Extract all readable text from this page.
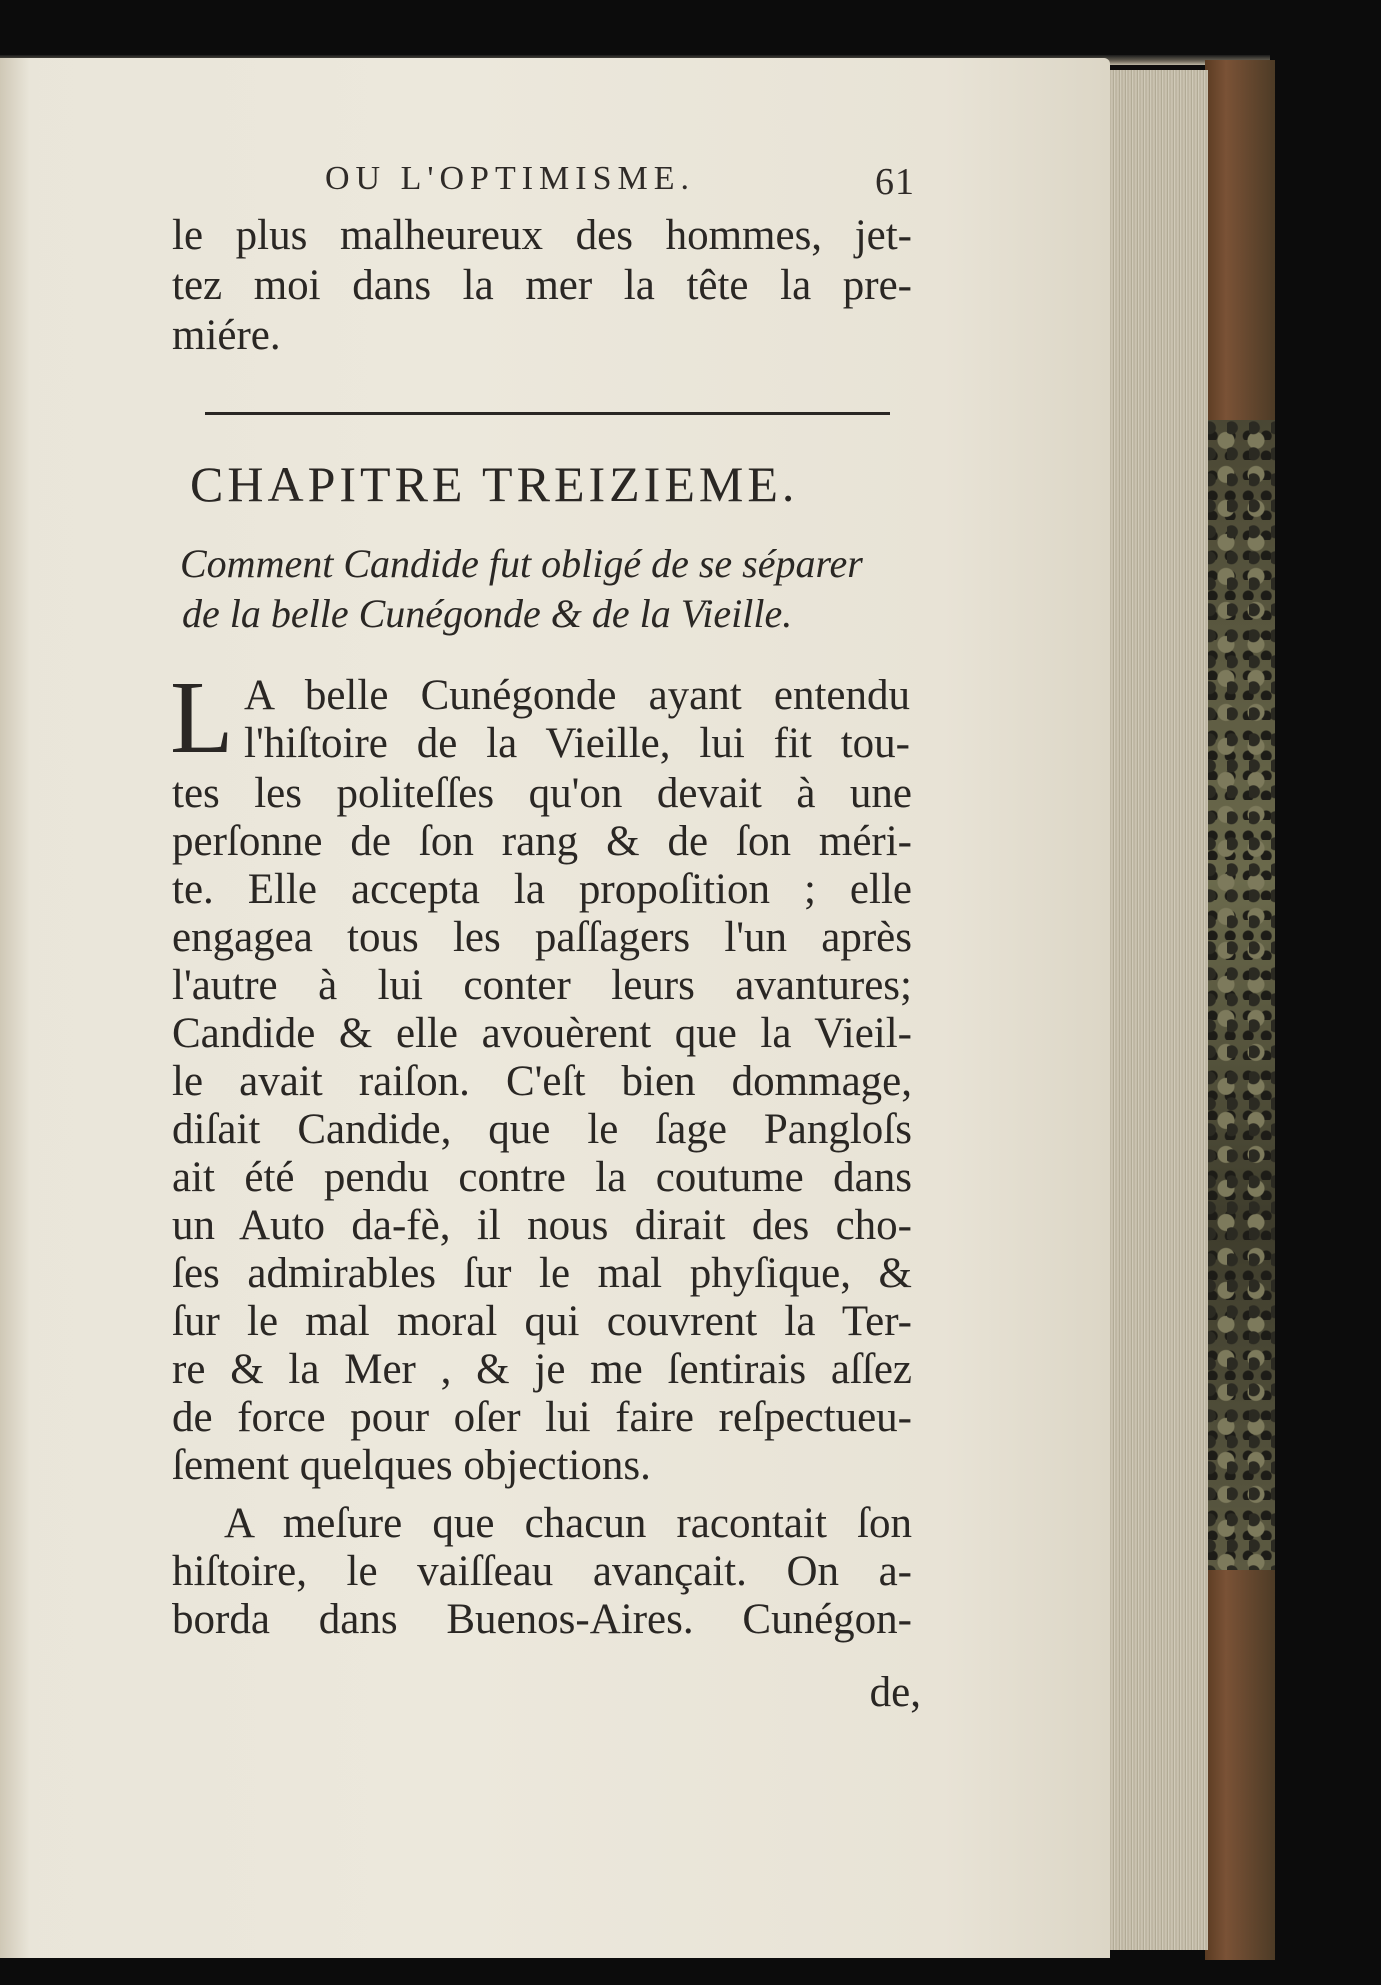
OU L'OPTIMISME.	61
le plus malheureux des hommes, jet-
tez moi dans la mer la tête la pre-
miére.
CHAPITRE TREIZIEME.
Comment Candide fut obligé de se séparer
de la belle Cunégonde & de la Vieille.
L A belle Cunégonde ayant entendu
l'hiſtoire de la Vieille, lui fit tou-
tes les politeſſes qu'on devait à une
perſonne de ſon rang & de ſon méri-
te. Elle accepta la propoſition ; elle
engagea tous les paſſagers l'un après
l'autre à lui conter leurs avantures;
Candide & elle avouèrent que la Vieil-
le avait raiſon. C'eſt bien dommage,
diſait Candide, que le ſage Pangloſs
ait été pendu contre la coutume dans
un Auto da-fè, il nous dirait des cho-
ſes admirables ſur le mal phyſique, &
ſur le mal moral qui couvrent la Ter-
re & la Mer , & je me ſentirais aſſez
de force pour oſer lui faire reſpectueu-
ſement quelques objections.
A meſure que chacun racontait ſon
hiſtoire, le vaiſſeau avançait. On a-
borda dans Buenos-Aires. Cunégon-
de,
